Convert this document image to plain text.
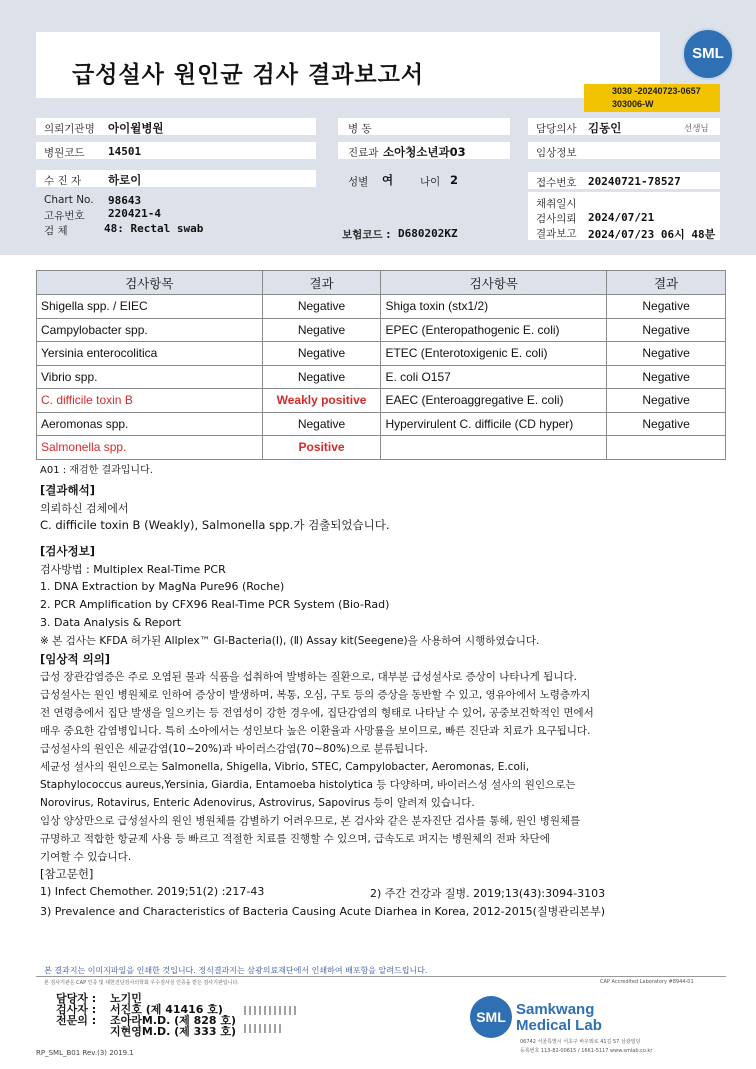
급성설사 원인균 검사 결과보고서
SML
3030 -20240723-0657
303006-W
의뢰기관명 아이윌병원
병원코드 14501
수 진 자 하로이
Chart No. 98643
고유번호 220421-4
검 체	48: Rectal swab
병 동
진료과 소아청소년과03
성별 여	나이 2
보험코드 : D680202KZ
담당의사 김동인	선생님
임상정보
접수번호 20240721-78527
채취일시
검사의뢰 2024/07/21
결과보고 2024/07/23 06시 48분
검사항목	결과	검사항목	결과
Shigella spp. / EIEC	Negative	Shiga toxin (stx1/2)	Negative
Campylobacter spp.	Negative	EPEC (Enteropathogenic E. coli)	Negative
Yersinia enterocolitica	Negative	ETEC (Enterotoxigenic E. coli)	Negative
Vibrio spp.	Negative	E. coli O157	Negative
C. difficile toxin B	Weakly positive	EAEC (Enteroaggregative E. coli)	Negative
Aeromonas spp.	Negative	Hypervirulent C. difficile (CD hyper)	Negative
Salmonella spp.	Positive		
A01 : 재검한 결과입니다.
[결과해석]
의뢰하신 검체에서
C. difficile toxin B (Weakly), Salmonella spp.가 검출되었습니다.
[검사정보]
검사방법 : Multiplex Real-Time PCR
1. DNA Extraction by MagNa Pure96 (Roche)
2. PCR Amplification by CFX96 Real-Time PCR System (Bio-Rad)
3. Data Analysis & Report
※ 본 검사는 KFDA 허가된 Allplex™ GI-Bacteria(Ⅰ), (Ⅱ) Assay kit(Seegene)을 사용하여 시행하였습니다.
[임상적 의의]
급성 장관감염증은 주로 오염된 물과 식품을 섭취하여 발병하는 질환으로, 대부분 급성설사로 증상이 나타나게 됩니다.
급성설사는 원인 병원체로 인하여 증상이 발생하며, 복통, 오심, 구토 등의 증상을 동반할 수 있고, 영유아에서 노령층까지
전 연령층에서 집단 발생을 일으키는 등 전염성이 강한 경우에, 집단감염의 형태로 나타날 수 있어, 공중보건학적인 면에서
매우 중요한 감염병입니다. 특히 소아에서는 성인보다 높은 이환율과 사망률을 보이므로, 빠른 진단과 치료가 요구됩니다.
급성설사의 원인은 세균감염(10~20%)과 바이러스감염(70~80%)으로 분류됩니다.
세균성 설사의 원인으로는 Salmonella, Shigella, Vibrio, STEC, Campylobacter, Aeromonas, E.coli,
Staphylococcus aureus,Yersinia, Giardia, Entamoeba histolytica 등 다양하며, 바이러스성 설사의 원인으로는
Norovirus, Rotavirus, Enteric Adenovirus, Astrovirus, Sapovirus 등이 알려져 있습니다.
임상 양상만으로 급성설사의 원인 병원체를 감별하기 어려우므로, 본 검사와 같은 분자진단 검사를 통해, 원인 병원체를
규명하고 적합한 항균제 사용 등 빠르고 적절한 치료를 진행할 수 있으며, 급속도로 퍼지는 병원체의 전파 차단에
기여할 수 있습니다.
[참고문헌]
1) Infect Chemother. 2019;51(2) :217-43	2) 주간 건강과 질병. 2019;13(43):3094-3103
3) Prevalence and Characteristics of Bacteria Causing Acute Diarhea in Korea, 2012-2015(질병관리본부)
본 결과지는 이미지파일을 인쇄한 것입니다. 정식결과지는 삼광의료재단에서 인쇄하여 배포함을 알려드립니다.
본 검사기관은 CAP 인증 및 대한진단검사의학회 우수검사실 인증을 받은 검사기관입니다.	CAP Accredited Laboratory #8944-01
담당자 : 노기민
검사자 : 서진호 (제 41416 호)
전문의 : 조아라M.D. (제 828 호)
지현영M.D. (제 333 호)
SML Samkwang
Medical Lab
06742 서울특별시 서초구 바우뫼로 41길 57 삼광빌딩
등록번호 113-82-00615 / 1661-5117 www.smlab.co.kr
RP_SML_B01 Rev.(3) 2019.1
